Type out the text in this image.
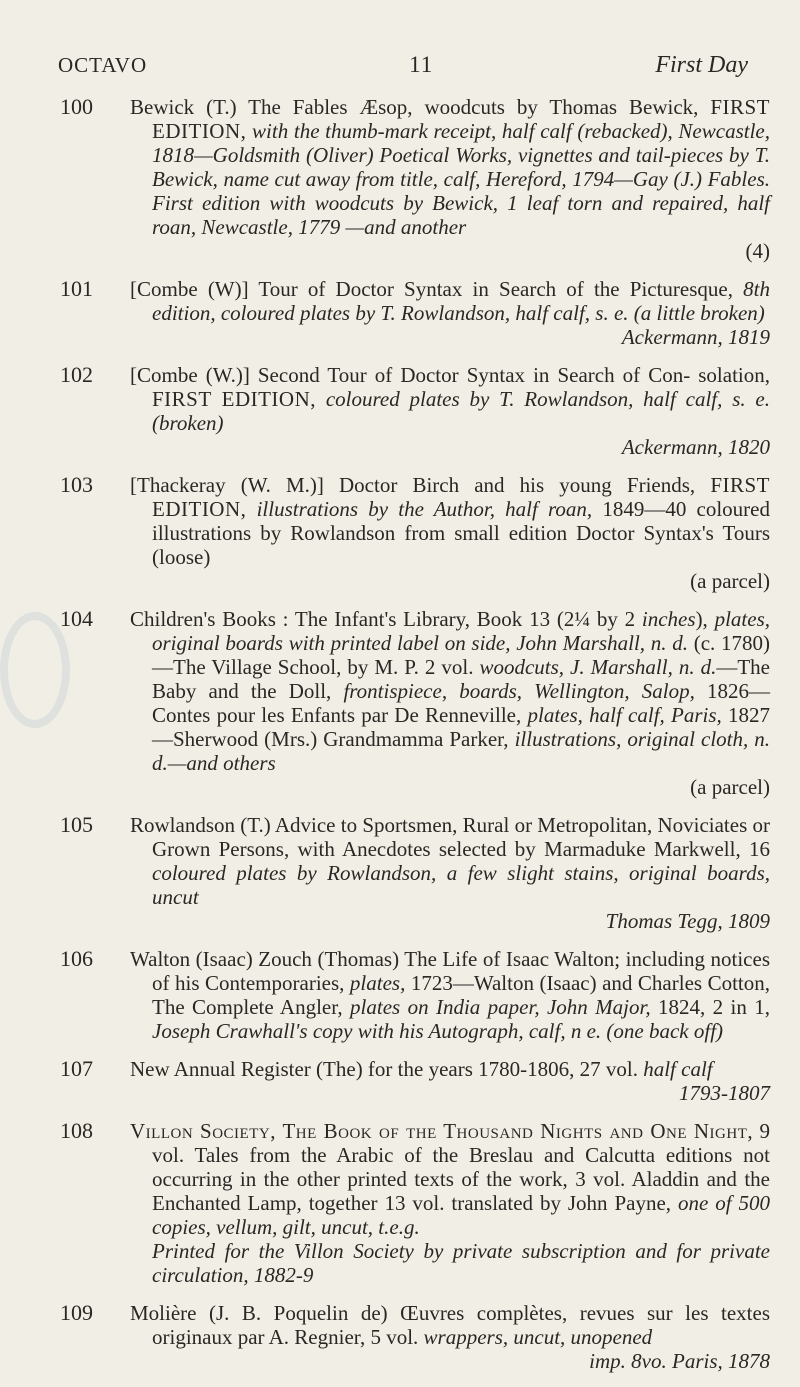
OCTAVO	11	First Day
100	Bewick (T.) The Fables Æsop, woodcuts by Thomas Bewick, FIRST EDITION, with the thumb-mark receipt, half calf (rebacked), Newcastle, 1818—Goldsmith (Oliver) Poetical Works, vignettes and tail-pieces by T. Bewick, name cut away from title, calf, Hereford, 1794—Gay (J.) Fables. First edition with woodcuts by Bewick, 1 leaf torn and repaired, half roan, Newcastle, 1779 —and another
(4)
101	[Combe (W)] Tour of Doctor Syntax in Search of the Picturesque, 8th edition, coloured plates by T. Rowlandson, half calf, s. e. (a little broken)
Ackermann, 1819
102	[Combe (W.)] Second Tour of Doctor Syntax in Search of Con- solation, FIRST EDITION, coloured plates by T. Rowlandson, half calf, s. e. (broken)
Ackermann, 1820
103	[Thackeray (W. M.)] Doctor Birch and his young Friends, FIRST EDITION, illustrations by the Author, half roan, 1849—40 coloured illustrations by Rowlandson from small edition Doctor Syntax's Tours (loose)
(a parcel)
104	Children's Books : The Infant's Library, Book 13 (2¼ by 2 inches), plates, original boards with printed label on side, John Marshall, n. d. (c. 1780)—The Village School, by M. P. 2 vol. woodcuts, J. Marshall, n. d.—The Baby and the Doll, frontispiece, boards, Wellington, Salop, 1826—Contes pour les Enfants par De Renneville, plates, half calf, Paris, 1827—Sherwood (Mrs.) Grandmamma Parker, illustrations, original cloth, n. d.—and others
(a parcel)
105	Rowlandson (T.) Advice to Sportsmen, Rural or Metropolitan, Noviciates or Grown Persons, with Anecdotes selected by Marmaduke Markwell, 16 coloured plates by Rowlandson, a few slight stains, original boards, uncut
Thomas Tegg, 1809
106	Walton (Isaac) Zouch (Thomas) The Life of Isaac Walton; including notices of his Contemporaries, plates, 1723—Walton (Isaac) and Charles Cotton, The Complete Angler, plates on India paper, John Major, 1824, 2 in 1, Joseph Crawhall's copy with his Autograph, calf, n e. (one back off)
107	New Annual Register (The) for the years 1780-1806, 27 vol. half calf
1793-1807
108	Villon Society, The Book of the Thousand Nights and One Night, 9 vol. Tales from the Arabic of the Breslau and Calcutta editions not occurring in the other printed texts of the work, 3 vol. Aladdin and the Enchanted Lamp, together 13 vol. translated by John Payne, one of 500 copies, vellum, gilt, uncut, t.e.g.
Printed for the Villon Society by private subscription and for private circulation, 1882-9
109	Molière (J. B. Poquelin de) Œuvres complètes, revues sur les textes originaux par A. Regnier, 5 vol. wrappers, uncut, unopened
imp. 8vo. Paris, 1878
